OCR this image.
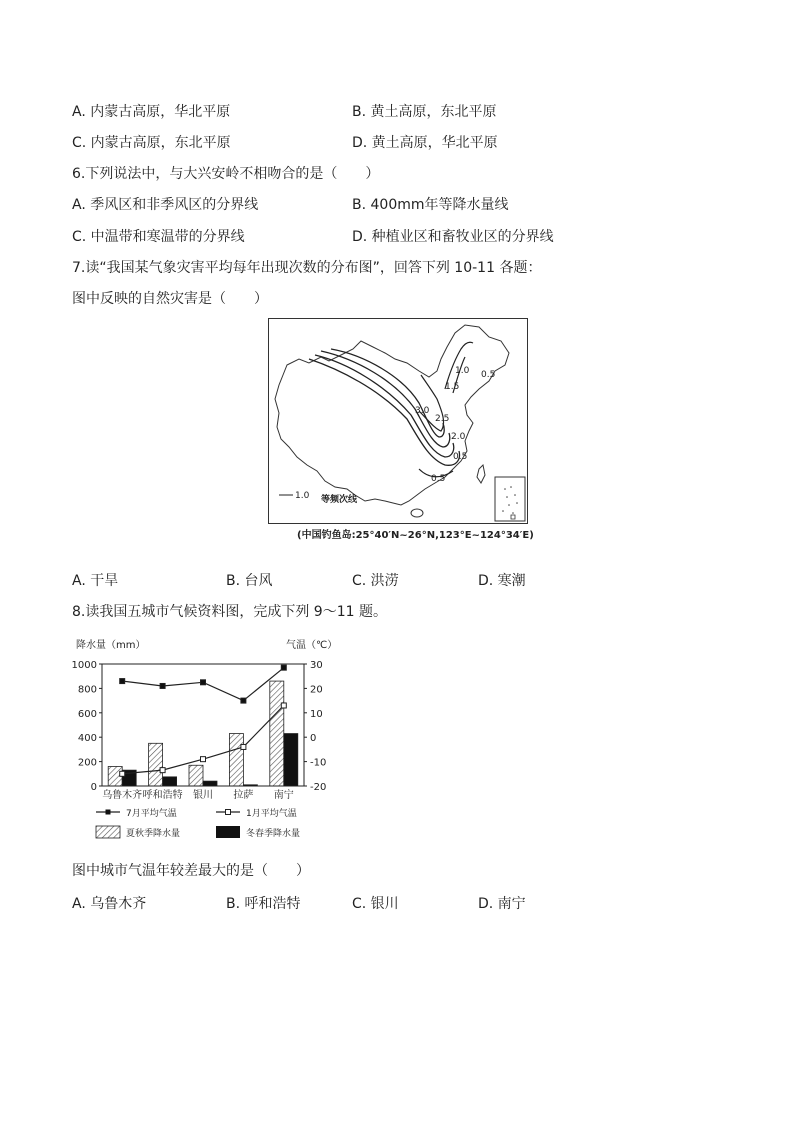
A. 内蒙古高原，华北平原	B. 黄土高原，东北平原
C. 内蒙古高原，东北平原	D. 黄土高原，华北平原
6.下列说法中，与大兴安岭不相吻合的是（　　）
A. 季风区和非季风区的分界线	B. 400mm年等降水量线
C. 中温带和寒温带的分界线	D. 种植业区和畜牧业区的分界线
7.读“我国某气象灾害平均每年出现次数的分布图”，回答下列 10-11 各题：
图中反映的自然灾害是（　　）
0.5
1.0
1.5
2.0
2.5
3.0
0.5
0.5
1.0 等频次线
(中国钓鱼岛:25°40′N~26°N,123°E~124°34′E)
A. 干旱	B. 台风	C. 洪涝	D. 寒潮
8.读我国五城市气候资料图，完成下列 9～11 题。
降水量（mm）	气温（℃）
1000
800
600
400
200
0
30
20
10
0
-10
-20
乌鲁木齐 呼和浩特 银川 拉萨 南宁
7月平均气温	1月平均气温
夏秋季降水量	冬春季降水量
图中城市气温年较差最大的是（　　）
A. 乌鲁木齐	B. 呼和浩特	C. 银川	D. 南宁
